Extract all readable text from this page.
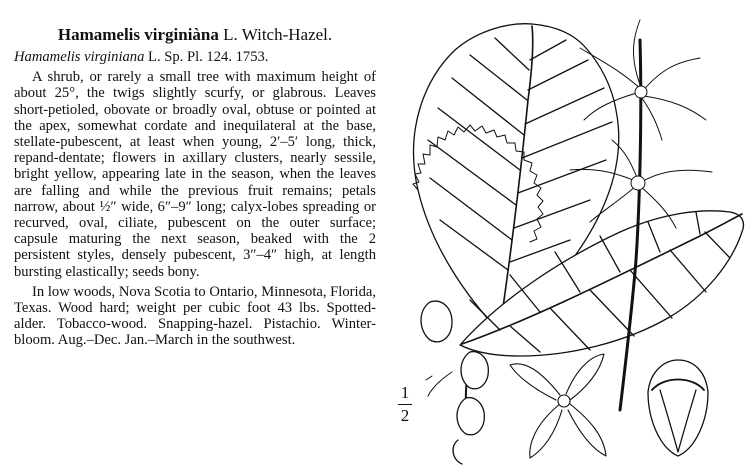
Hamamelis virginiàna L. Witch-Hazel.

Hamamelis virginiana L. Sp. Pl. 124. 1753.

A shrub, or rarely a small tree with maximum height of about 25°, the twigs slightly scurfy, or glabrous. Leaves short-petioled, obovate or broadly oval, obtuse or pointed at the apex, somewhat cordate and inequilateral at the base, stellate-pubescent, at least when young, 2′–5′ long, thick, repand-dentate; flowers in axillary clusters, nearly sessile, bright yellow, appearing late in the season, when the leaves are falling and while the previous fruit remains; petals narrow, about ½″ wide, 6″–9″ long; calyx-lobes spreading or recurved, oval, ciliate, pubescent on the outer surface; capsule maturing the next season, beaked with the 2 persistent styles, densely pubescent, 3″–4″ high, at length bursting elastically; seeds bony.

In low woods, Nova Scotia to Ontario, Minnesota, Florida, Texas. Wood hard; weight per cubic foot 43 lbs. Spotted-alder. Tobacco-wood. Snapping-hazel. Pistachio. Winter-bloom. Aug.–Dec. Jan.–March in the southwest.

1
2
